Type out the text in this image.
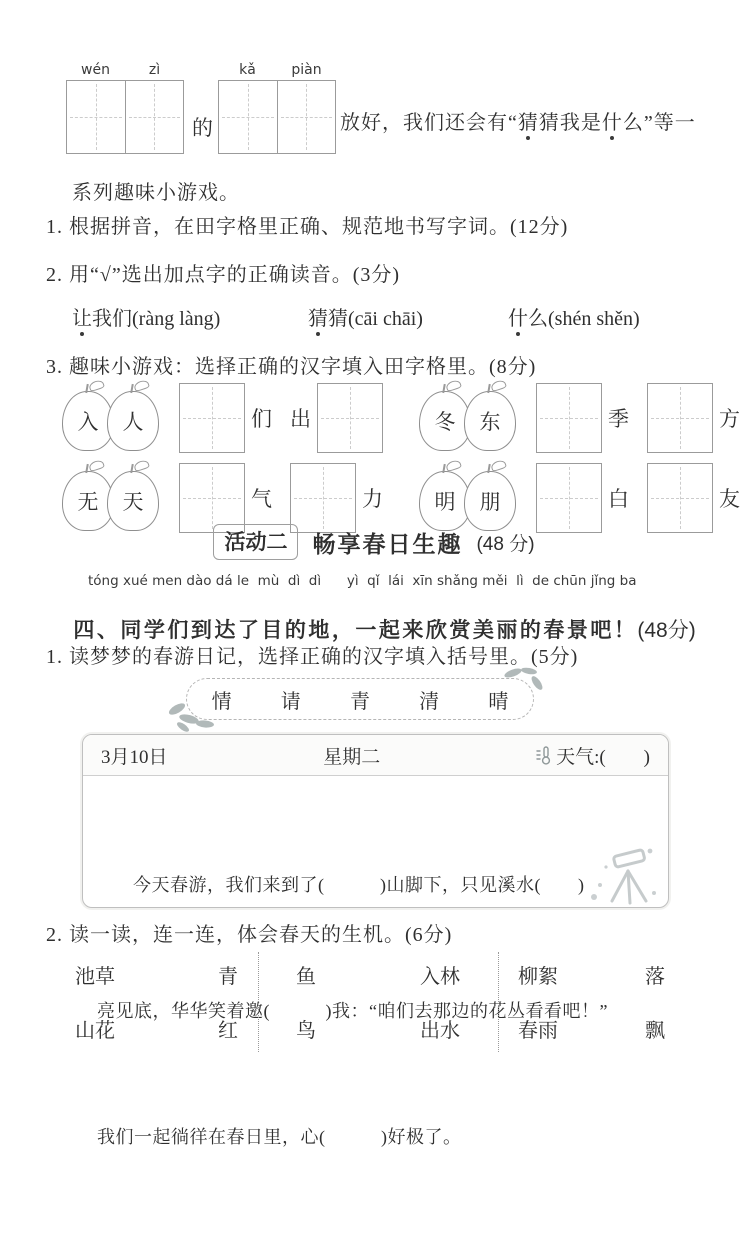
wén	zì
的
kǎ	piàn
放好，我们还会有“猜猜我是什么”等一
系列趣味小游戏。
1. 根据拼音，在田字格里正确、规范地书写字词。(12分)
2. 用“√”选出加点字的正确读音。(3分)
让我们(ràng làng)	猜猜(cāi chāi)	什么(shén shěn)
3. 趣味小游戏：选择正确的汉字填入田字格里。(8分)
入 人	们 出	冬 东	季	方
无 天	气	力 明 朋	白	友
活动二	畅享春日生趣 (48 分)
tóng xué men dào dá le  mù  dì  dì      yì  qǐ  lái  xīn shǎng měi  lì  de chūn jǐng ba

四、同学们到达了目的地，一起来欣赏美丽的春景吧！(48分)

1. 读梦梦的春游日记，选择正确的汉字填入括号里。(5分)
情 请 青 清 晴
3月10日	星期二	天气:(　　)

今天春游，我们来到了(　　　)山脚下，只见溪水(　　)

亮见底，华华笑着邀(　　　)我：“咱们去那边的花丛看看吧！”

我们一起徜徉在春日里，心(　　　)好极了。

2. 读一读，连一连，体会春天的生机。(6分)
池草	青	鱼	入林	柳絮	落
山花	红	鸟	出水	春雨	飘
